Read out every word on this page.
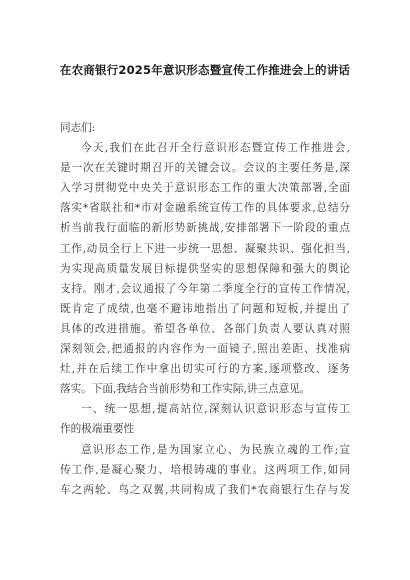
在农商银行2025年意识形态暨宣传工作推进会上的讲话
同志们:
今天,我们在此召开全行意识形态暨宣传工作推进会,
是一次在关键时期召开的关键会议。会议的主要任务是,深
入学习贯彻党中央关于意识形态工作的重大决策部署,全面
落实*省联社和*市对金融系统宣传工作的具体要求,总结分
析当前我行面临的新形势新挑战,安排部署下一阶段的重点
工作,动员全行上下进一步统一思想、凝聚共识、强化担当,
为实现高质量发展目标提供坚实的思想保障和强大的舆论
支持。刚才,会议通报了今年第二季度全行的宣传工作情况,
既肯定了成绩,也毫不避讳地指出了问题和短板,并提出了
具体的改进措施。希望各单位、各部门负责人要认真对照
深刻领会,把通报的内容作为一面镜子,照出差距、找准病
灶,并在后续工作中拿出切实可行的方案,逐项整改、逐务
落实。下面,我结合当前形势和工作实际,讲三点意见。
一、统一思想,提高站位,深刻认识意识形态与宣传工
作的极端重要性
意识形态工作,是为国家立心、为民族立魂的工作;宣
传工作,是凝心聚力、培根铸魂的事业。这两项工作,如同
车之两轮、鸟之双翼,共同构成了我们*农商银行生存与发
